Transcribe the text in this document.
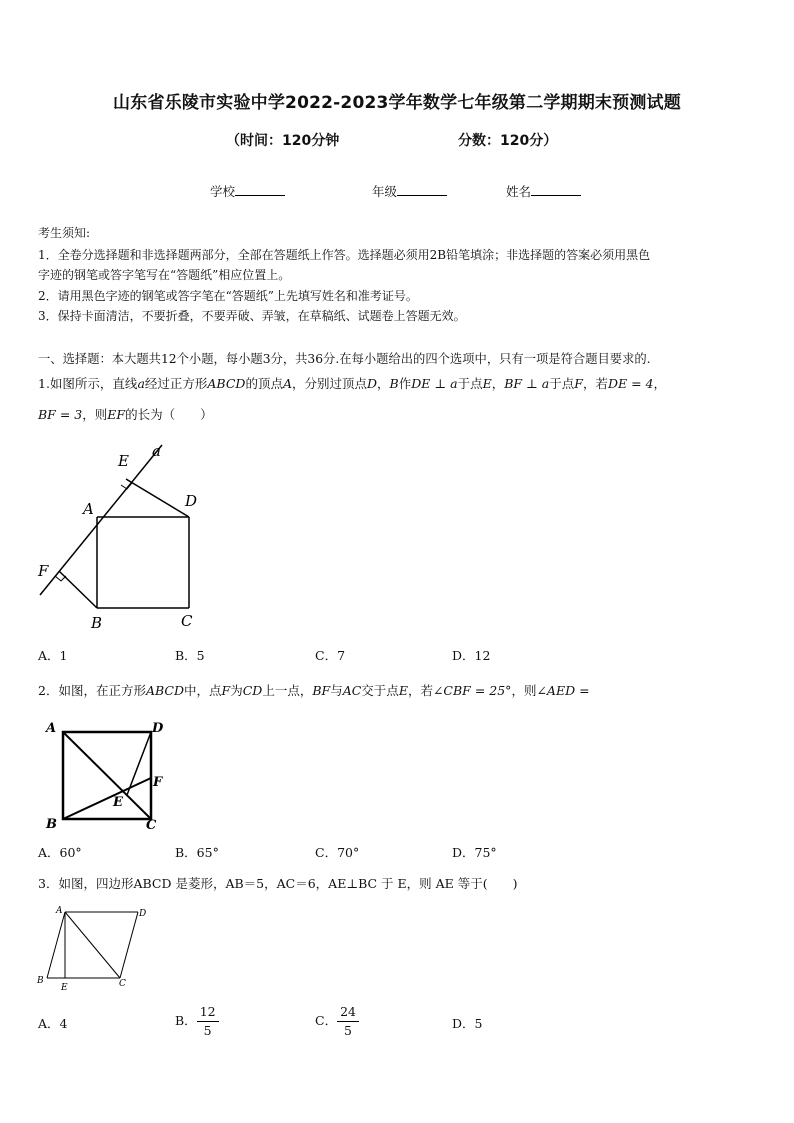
山东省乐陵市实验中学2022-2023学年数学七年级第二学期期末预测试题
（时间：120分钟	分数：120分）
学校	年级	姓名
考生须知:
1．全卷分选择题和非选择题两部分，全部在答题纸上作答。选择题必须用2B铅笔填涂；非选择题的答案必须用黑色
字迹的钢笔或答字笔写在“答题纸”相应位置上。
2．请用黑色字迹的钢笔或答字笔在“答题纸”上先填写姓名和准考证号。
3．保持卡面清洁，不要折叠，不要弄破、弄皱，在草稿纸、试题卷上答题无效。
一、选择题：本大题共12个小题，每小题3分，共36分.在每小题给出的四个选项中，只有一项是符合题目要求的.
1.如图所示，直线a经过正方形ABCD的顶点A，分别过顶点D，B作DE ⊥ a于点E，BF ⊥ a于点F，若DE = 4，
BF = 3，则EF的长为（　　）
E
a
A	D
F
B	C
A．1	B．5	C．7	D．12
2．如图，在正方形ABCD中，点F为CD上一点，BF与AC交于点E，若∠CBF = 25°，则∠AED =
A	D
F
E
B	C
A．60°	B．65°	C．70°	D．75°
3．如图，四边形ABCD 是菱形，AB＝5，AC＝6，AE⊥BC 于 E，则 AE 等于(　　)
A	D
B
E	C
A．4	B． $\frac{12}{5}$	C． $\frac{24}{5}$	D．5
